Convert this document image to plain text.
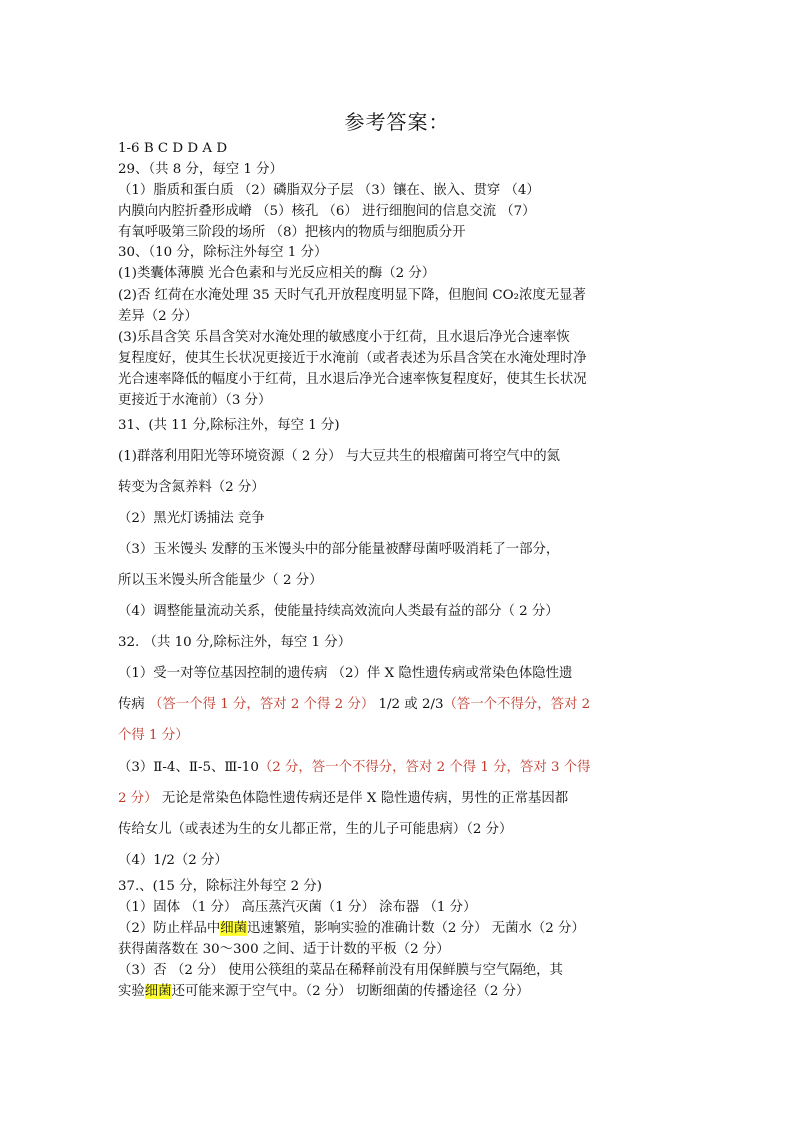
参考答案：
1-6 B C D D A D
29、（共 8 分，每空 1 分）
（1）脂质和蛋白质 （2）磷脂双分子层 （3）镶在、嵌入、贯穿 （4）
内膜向内腔折叠形成嵴 （5）核孔 （6） 进行细胞间的信息交流 （7）
有氧呼吸第三阶段的场所 （8）把核内的物质与细胞质分开
30、（10 分，除标注外每空 1 分）
(1)类囊体薄膜 光合色素和与光反应相关的酶（2 分）
(2)否 红荷在水淹处理 35 天时气孔开放程度明显下降，但胞间 CO₂浓度无显著
差异（2 分）
(3)乐昌含笑 乐昌含笑对水淹处理的敏感度小于红荷，且水退后净光合速率恢
复程度好，使其生长状况更接近于水淹前（或者表述为乐昌含笑在水淹处理时净
光合速率降低的幅度小于红荷，且水退后净光合速率恢复程度好，使其生长状况
更接近于水淹前）（3 分）
31、(共 11 分,除标注外，每空 1 分)
(1)群落利用阳光等环境资源（ 2 分） 与大豆共生的根瘤菌可将空气中的氮
转变为含氮养料（2 分）
（2）黑光灯诱捕法 竞争
（3）玉米馒头 发酵的玉米馒头中的部分能量被酵母菌呼吸消耗了一部分，
所以玉米馒头所含能量少（ 2 分）
（4）调整能量流动关系，使能量持续高效流向人类最有益的部分（ 2 分）
32. （共 10 分,除标注外，每空 1 分）
（1）受一对等位基因控制的遗传病 （2）伴 X 隐性遗传病或常染色体隐性遗
传病 （答一个得 1 分，答对 2 个得 2 分） 1/2 或 2/3（答一个不得分，答对 2
个得 1 分）
（3）Ⅱ-4、Ⅱ-5、Ⅲ-10（2 分，答一个不得分，答对 2 个得 1 分，答对 3 个得
2 分） 无论是常染色体隐性遗传病还是伴 X 隐性遗传病，男性的正常基因都
传给女儿（或表述为生的女儿都正常，生的儿子可能患病）（2 分）
（4）1/2（2 分）
37.、(15 分，除标注外每空 2 分)
（1）固体 （1 分） 高压蒸汽灭菌（1 分） 涂布器 （1 分）
（2）防止样品中细菌迅速繁殖，影响实验的准确计数（2 分） 无菌水（2 分）
获得菌落数在 30～300 之间、适于计数的平板（2 分）
（3）否 （2 分） 使用公筷组的菜品在稀释前没有用保鲜膜与空气隔绝，其
实验细菌还可能来源于空气中。（2 分） 切断细菌的传播途径（2 分）
